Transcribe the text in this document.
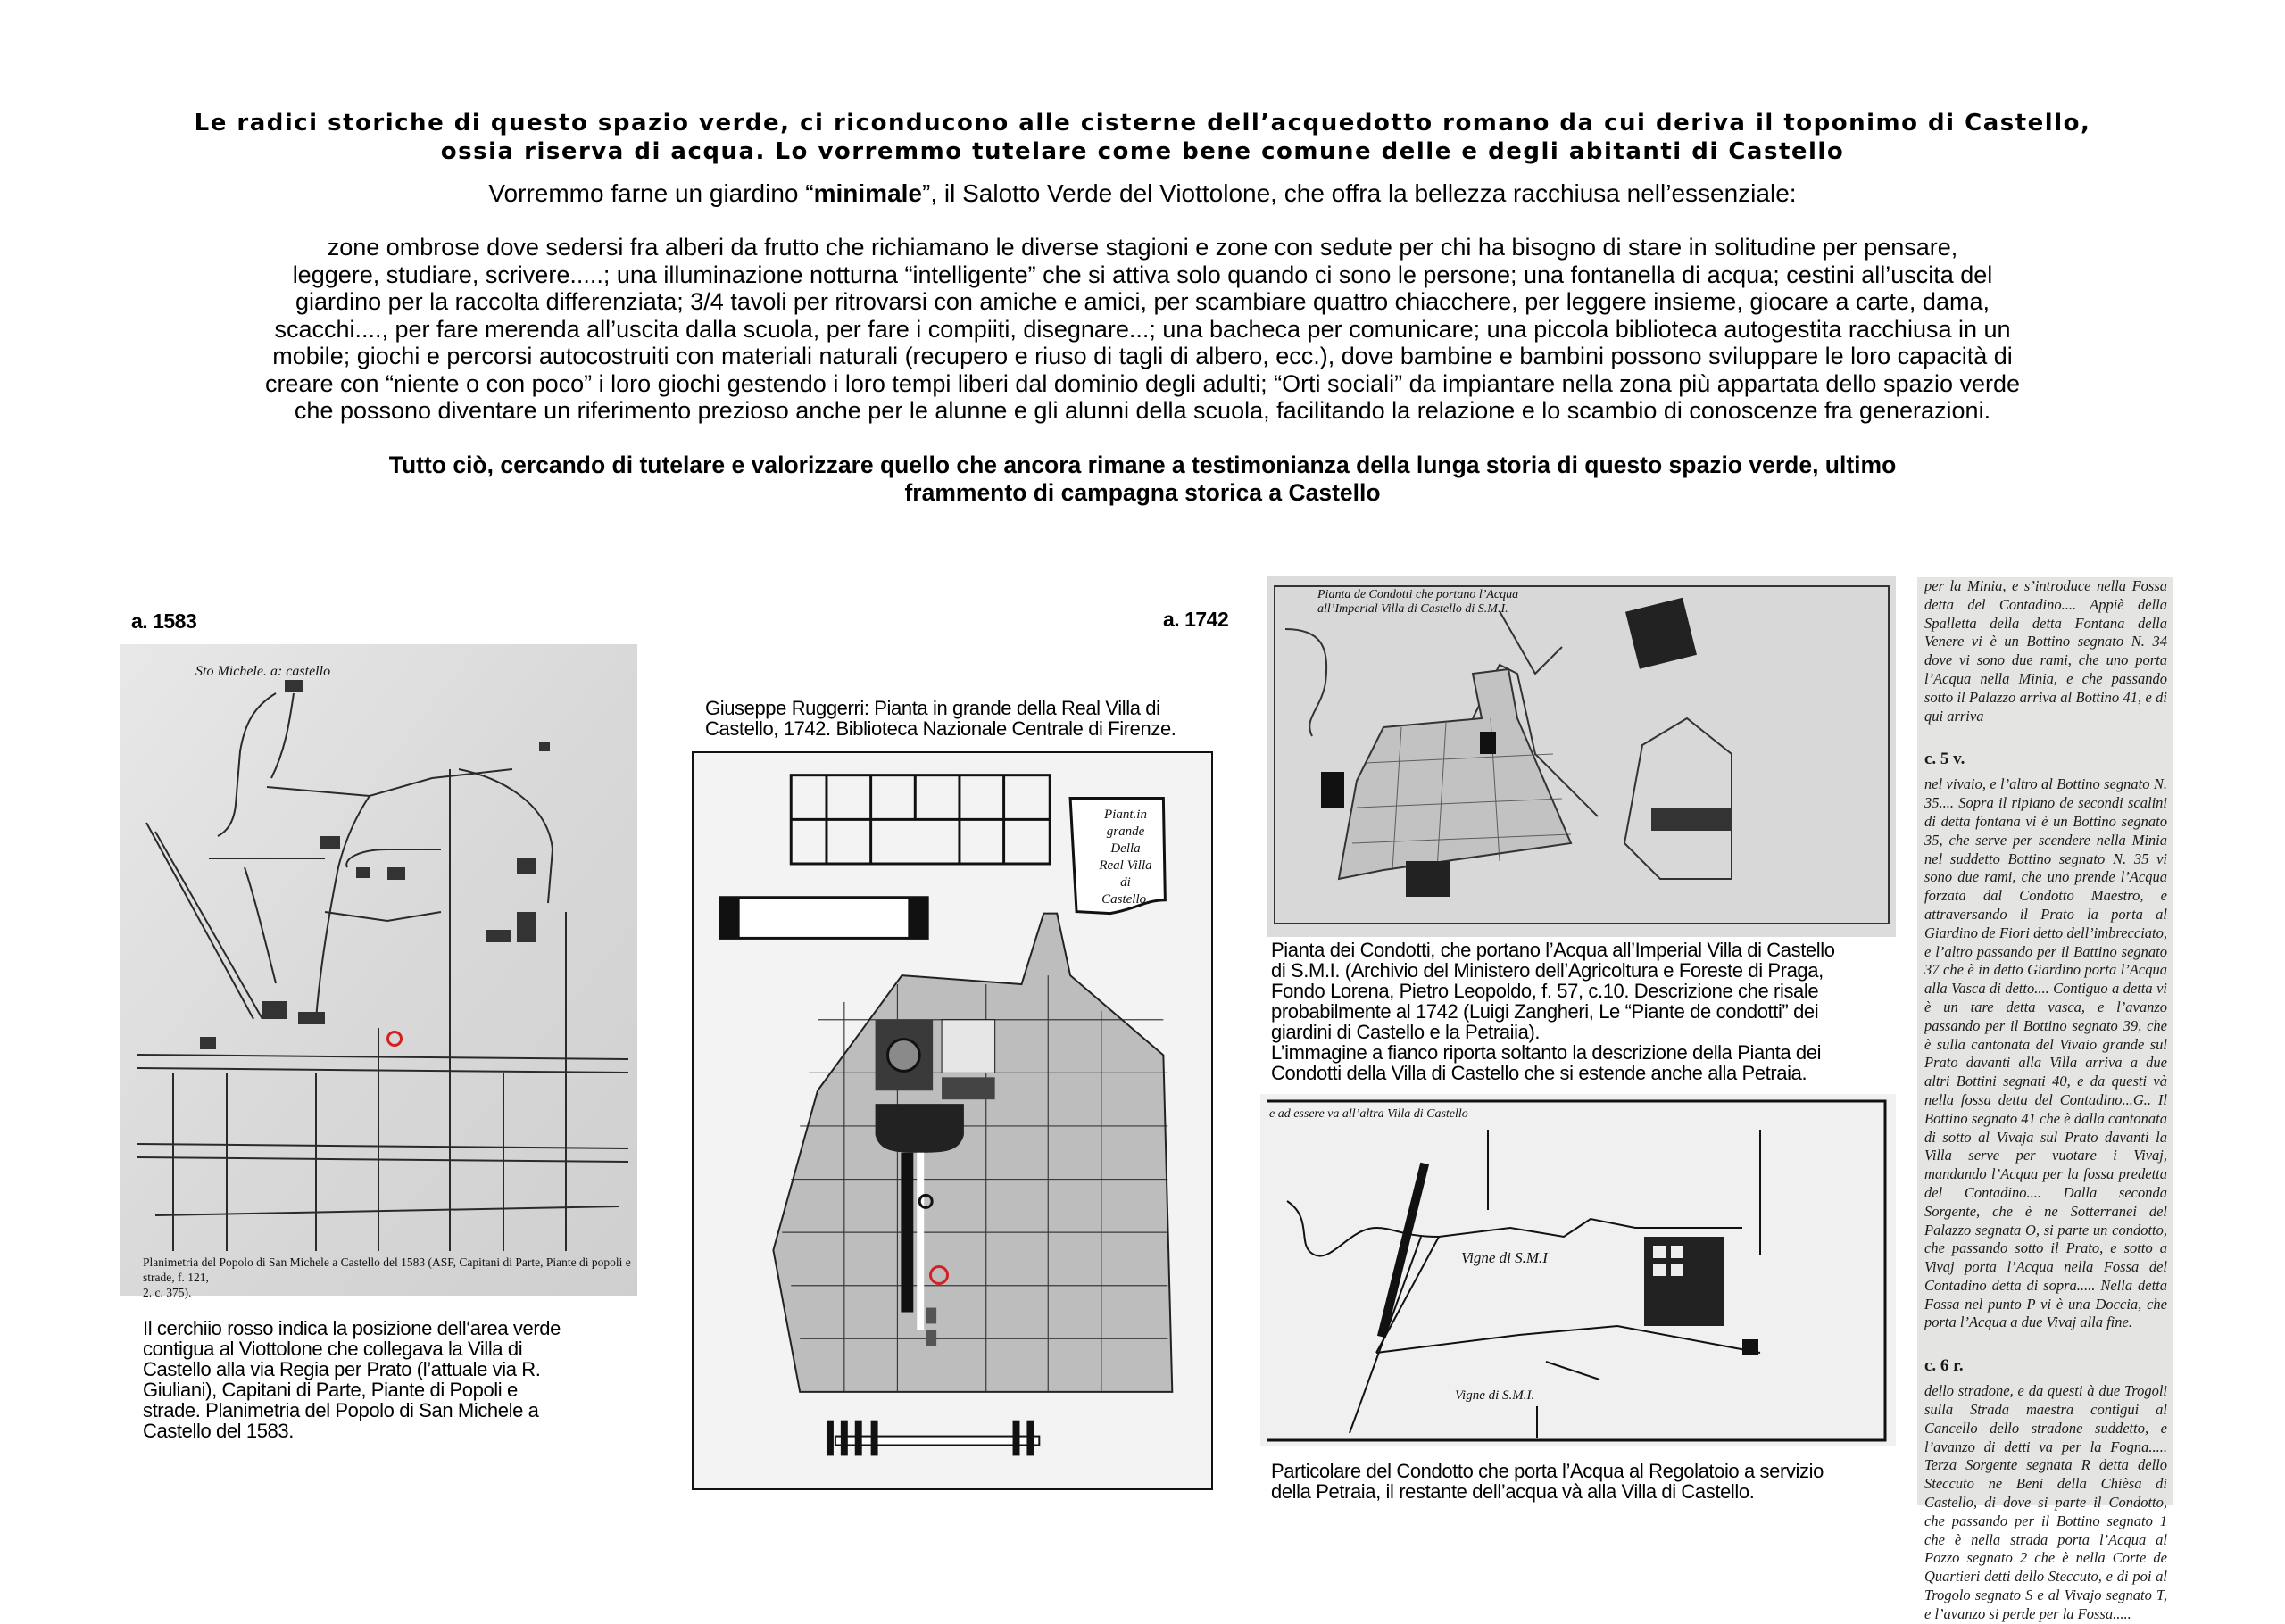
Le radici storiche di questo spazio verde, ci riconducono alle cisterne dell’acquedotto romano da cui deriva il toponimo di Castello,
ossia riserva di acqua. Lo vorremmo tutelare come bene comune delle e degli abitanti di Castello
Vorremmo farne un giardino “minimale”, il Salotto Verde del Viottolone, che offra la bellezza racchiusa nell’essenziale:
zone ombrose dove sedersi fra alberi da frutto che richiamano le diverse stagioni e zone con sedute per chi ha bisogno di stare in solitudine per pensare,
leggere, studiare, scrivere.....; una illuminazione notturna “intelligente” che si attiva solo quando ci sono le persone; una fontanella di acqua; cestini all’uscita del
giardino per la raccolta differenziata; 3/4 tavoli per ritrovarsi con amiche e amici, per scambiare quattro chiacchere, per leggere insieme, giocare a carte, dama,
scacchi...., per fare merenda all’uscita dalla scuola, per fare i compiiti, disegnare...; una bacheca per comunicare; una piccola biblioteca autogestita racchiusa in un
mobile; giochi e percorsi autocostruiti con materiali naturali (recupero e riuso di tagli di albero, ecc.), dove bambine e bambini possono sviluppare le loro capacità di
creare con “niente o con poco” i loro giochi gestendo i loro tempi liberi dal dominio degli adulti; “Orti sociali” da impiantare nella zona più appartata dello spazio verde
che possono diventare un riferimento prezioso anche per le alunne e gli alunni della scuola, facilitando la relazione e lo scambio di conoscenze fra generazioni.
Tutto ciò, cercando di tutelare e valorizzare quello che ancora rimane a testimonianza della lunga storia di questo spazio verde, ultimo
frammento di campagna storica a Castello
a. 1583
Sto Michele. a: castello
Planimetria del Popolo di San Michele a Castello del 1583 (ASF, Capitani di Parte, Piante di popoli e strade, f. 121,
2. c. 375).
Il cerchiio rosso indica la posizione dell‘area verde
contigua al Viottolone che collegava la Villa di
Castello alla via Regia per Prato (l’attuale via R.
Giuliani), Capitani di Parte, Piante di Popoli e
strade. Planimetria del Popolo di San Michele a
Castello del 1583.
a. 1742
Giuseppe Ruggerri: Pianta in grande della Real Villa di
Castello, 1742. Biblioteca Nazionale Centrale di Firenze.
Piant.in grande
Della
Real Villa
di
Castello.
Pianta de Condotti che portano l’Acqua all’Imperial Villa di Castello di S.M.I.
Pianta dei Condotti, che portano l’Acqua all’Imperial Villa di Castello
di S.M.I. (Archivio del Ministero dell’Agricoltura e Foreste di Praga,
Fondo Lorena, Pietro Leopoldo, f. 57, c.10. Descrizione che risale
probabilmente al 1742 (Luigi Zangheri, Le “Piante de condotti” dei
giardini di Castello e la Petraiia).
L’immagine a fianco riporta soltanto la descrizione della Pianta dei
Condotti della Villa di Castello che si estende anche alla Petraia.
e ad essere va all’altra Villa di Castello
Vigne di S.M.I
Vigne di S.M.I.
Particolare del Condotto che porta l’Acqua al Regolatoio a servizio
della Petraia, il restante dell’acqua và alla Villa di Castello.
per la Minia, e s’introduce nella Fossa detta del Contadino.... Appiè della Spalletta della detta Fontana della Venere vi è un Bottino segnato N. 34 dove vi sono due rami, che uno porta l’Acqua nella Minia, e che passando sotto il Palazzo arriva al Bottino 41, e di qui arriva
c. 5 v.
nel vivaio, e l’altro al Bottino segnato N. 35.... Sopra il ripiano de secondi scalini di detta fontana vi è un Bottino segnato 35, che serve per scendere nella Minia nel suddetto Bottino segnato N. 35 vi sono due rami, che uno prende l’Acqua forzata dal Condotto Maestro, e attraversando il Prato la porta al Giardino de Fiori detto dell’imbrecciato, e l’altro passando per il Battino segnato 37 che è in detto Giardino porta l’Acqua alla Vasca di detto.... Contiguo a detta vi è un tare detta vasca, e l’avanzo passando per il Bottino segnato 39, che è sulla cantonata del Vivaio grande sul Prato davanti alla Villa arriva a due altri Bottini segnati 40, e da questi và nella fossa detta del Contadino...G.. Il Bottino segnato 41 che è dalla cantonata di sotto al Vivaja sul Prato davanti la Villa serve per vuotare i Vivaj, mandando l’Acqua per la fossa predetta del Contadino.... Dalla seconda Sorgente, che è ne Sotterranei del Palazzo segnata O, si parte un condotto, che passando sotto il Prato, e sotto a Vivaj porta l’Acqua nella Fossa del Contadino detta di sopra..... Nella detta Fossa nel punto P vi è una Doccia, che porta l’Acqua a due Vivaj alla fine.
c. 6 r.
dello stradone, e da questi à due Trogoli sulla Strada maestra contigui al Cancello dello stradone suddetto, e l’avanzo di detti va per la Fogna..... Terza Sorgente segnata R detta dello Steccuto ne Beni della Chièsa di Castello, di dove si parte il Condotto, che passando per il Bottino segnato 1 che è nella strada porta l’Acqua al Pozzo segnato 2 che è nella Corte de Quartieri detti dello Steccuto, e di poi al Trogolo segnato S e al Vivajo segnato T, e l’avanzo si perde per la Fossa.....
